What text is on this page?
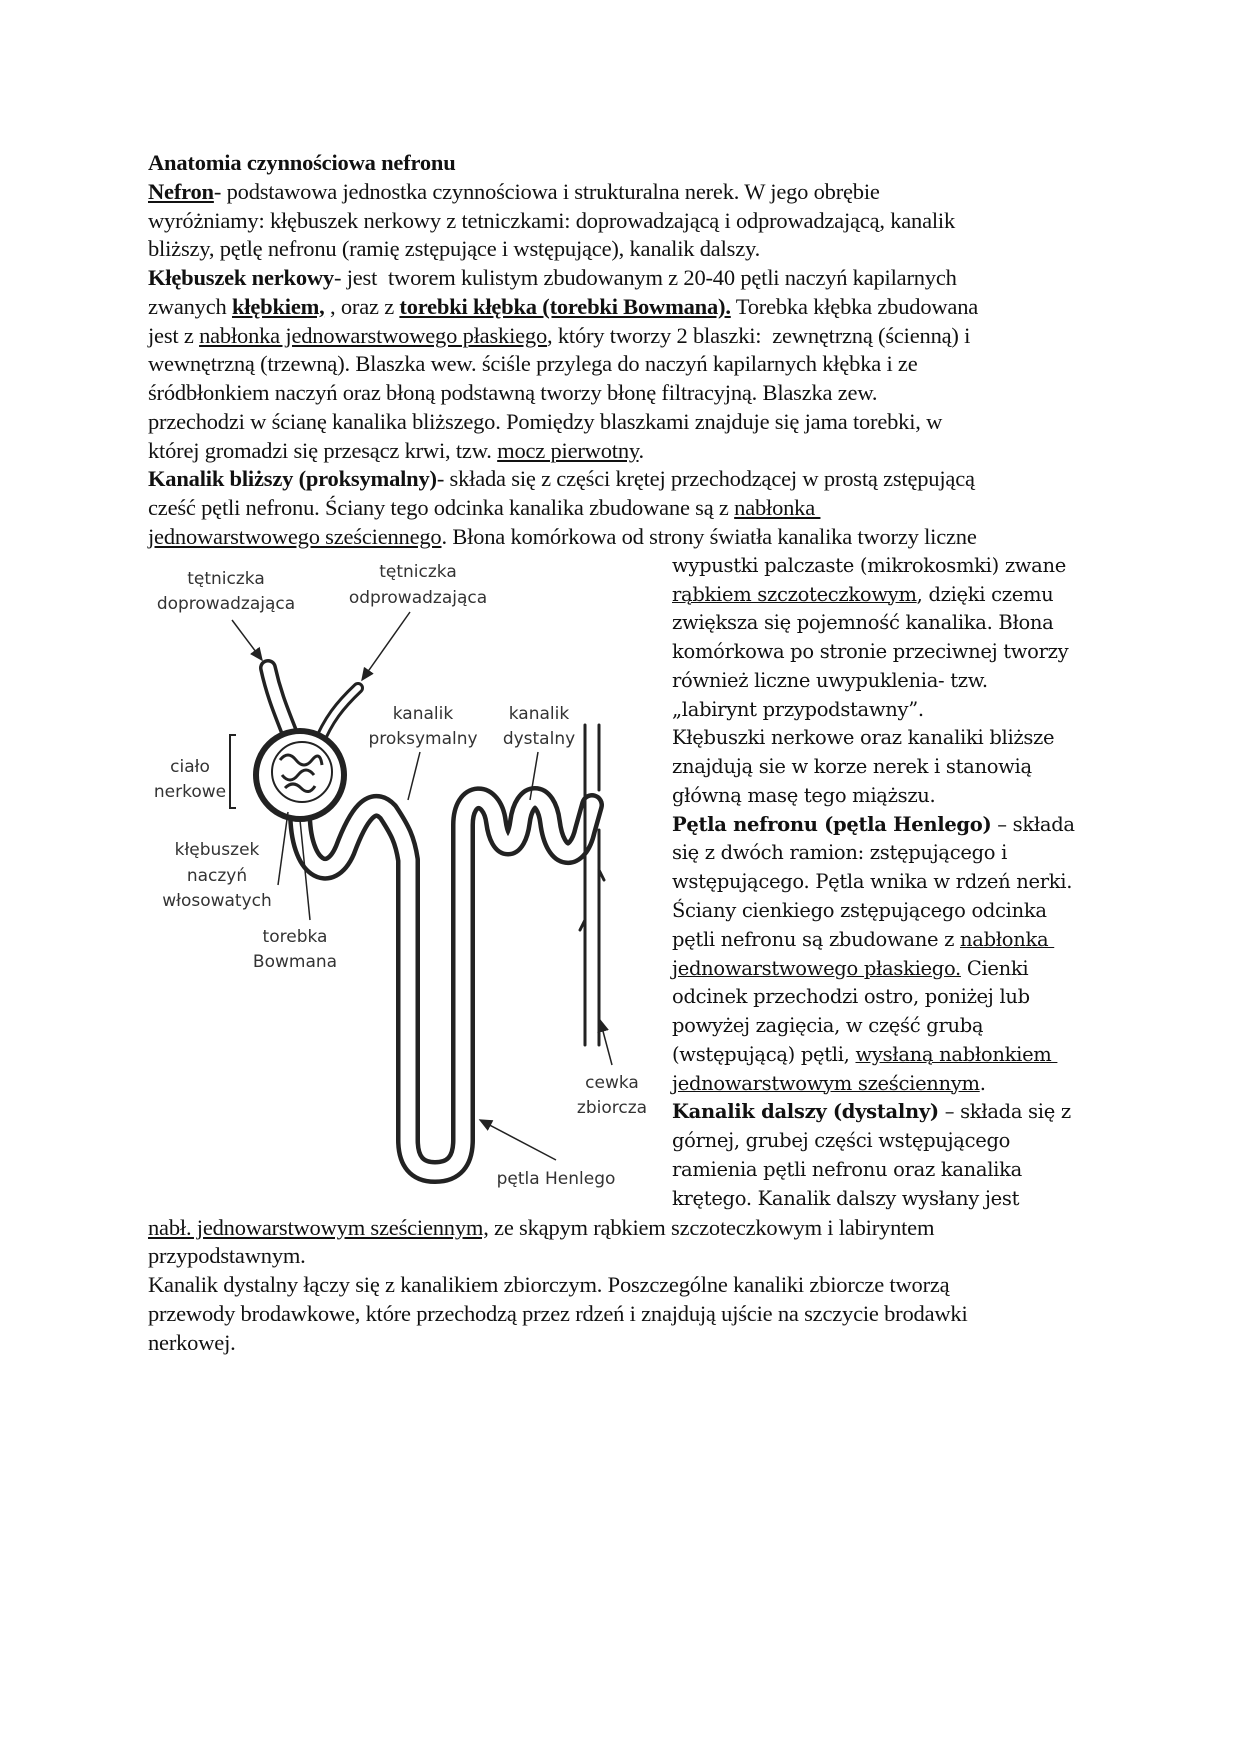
Anatomia czynnościowa nefronu
Nefron- podstawowa jednostka czynnościowa i strukturalna nerek. W jego obrębie
wyróżniamy: kłębuszek nerkowy z tetniczkami: doprowadzającą i odprowadzającą, kanalik
bliższy, pętlę nefronu (ramię zstępujące i wstępujące), kanalik dalszy.
Kłębuszek nerkowy- jest  tworem kulistym zbudowanym z 20-40 pętli naczyń kapilarnych
zwanych kłębkiem, , oraz z torebki kłębka (torebki Bowmana). Torebka kłębka zbudowana
jest z nabłonka jednowarstwowego płaskiego, który tworzy 2 blaszki:  zewnętrzną (ścienną) i
wewnętrzną (trzewną). Blaszka wew. ściśle przylega do naczyń kapilarnych kłębka i ze
śródbłonkiem naczyń oraz błoną podstawną tworzy błonę filtracyjną. Blaszka zew.
przechodzi w ścianę kanalika bliższego. Pomiędzy blaszkami znajduje się jama torebki, w
której gromadzi się przesącz krwi, tzw. mocz pierwotny.
Kanalik bliższy (proksymalny)- składa się z części krętej przechodzącej w prostą zstępującą
cześć pętli nefronu. Ściany tego odcinka kanalika zbudowane są z nabłonka
jednowarstwowego sześciennego. Błona komórkowa od strony światła kanalika tworzy liczne
wypustki palczaste (mikrokosmki) zwane
rąbkiem szczoteczkowym, dzięki czemu
zwiększa się pojemność kanalika. Błona
komórkowa po stronie przeciwnej tworzy
również liczne uwypuklenia- tzw.
„labirynt przypodstawny”.
Kłębuszki nerkowe oraz kanaliki bliższe
znajdują sie w korze nerek i stanowią
główną masę tego miąższu.
Pętla nefronu (pętla Henlego) – składa
się z dwóch ramion: zstępującego i
wstępującego. Pętla wnika w rdzeń nerki.
Ściany cienkiego zstępującego odcinka
pętli nefronu są zbudowane z nabłonka
jednowarstwowego płaskiego. Cienki
odcinek przechodzi ostro, poniżej lub
powyżej zagięcia, w część grubą
(wstępującą) pętli, wysłaną nabłonkiem
jednowarstwowym sześciennym.
Kanalik dalszy (dystalny) – składa się z
górnej, grubej części wstępującego
ramienia pętli nefronu oraz kanalika
krętego. Kanalik dalszy wysłany jest
nabł. jednowarstwowym sześciennym, ze skąpym rąbkiem szczoteczkowym i labiryntem
przypodstawnym.
Kanalik dystalny łączy się z kanalikiem zbiorczym. Poszczególne kanaliki zbiorcze tworzą
przewody brodawkowe, które przechodzą przez rdzeń i znajdują ujście na szczycie brodawki
nerkowej.
tętniczka
doprowadzająca
tętniczka
odprowadzająca
kanalik
proksymalny
kanalik
dystalny
ciało
nerkowe
kłębuszek
naczyń
włosowatych
torebka
Bowmana
cewka
zbiorcza
pętla Henlego
